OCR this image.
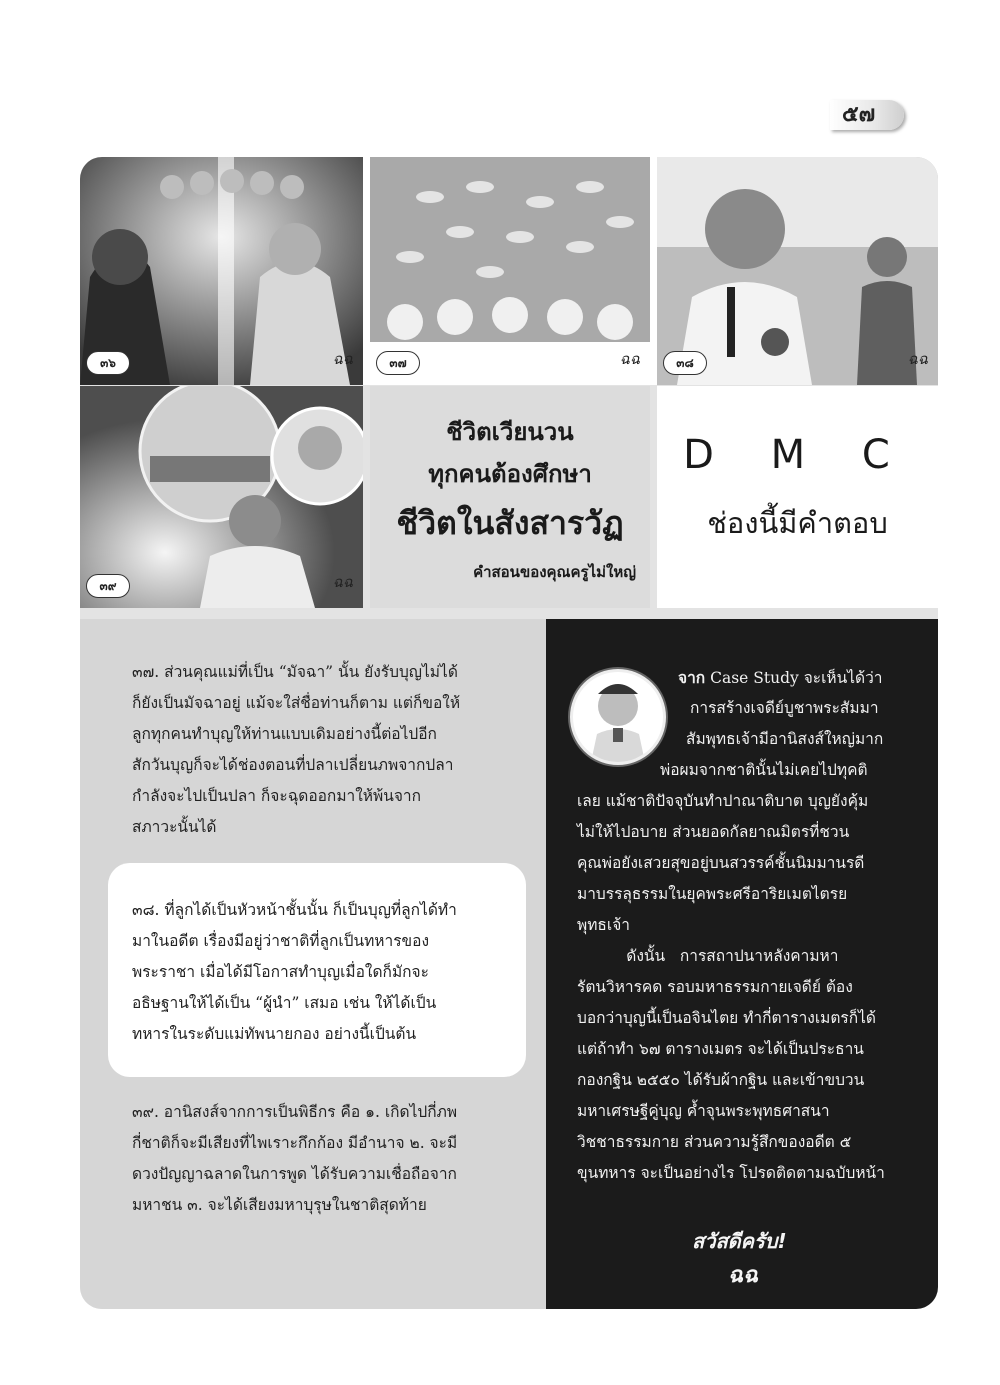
๕๗
๓๖	ฉฉ	๓๗	ฉฉ	๓๘	ฉฉ
๓๙	ฉฉ
ชีวิตเวียนวน
ทุกคนต้องศึกษา
ชีวิตในสังสารวัฏ
คำสอนของคุณครูไม่ใหญ่
D M C
ช่องนี้มีคำตอบ
๓๗. ส่วนคุณแม่ที่เป็น “มัจฉา” นั้น ยังรับบุญไม่ได้
ก็ยังเป็นมัจฉาอยู่ แม้จะใส่ชื่อท่านก็ตาม แต่ก็ขอให้
ลูกทุกคนทำบุญให้ท่านแบบเดิมอย่างนี้ต่อไปอีก
สักวันบุญก็จะได้ช่องตอนที่ปลาเปลี่ยนภพจากปลา
กำลังจะไปเป็นปลา ก็จะฉุดออกมาให้พ้นจาก
สภาวะนั้นได้
๓๘. ที่ลูกได้เป็นหัวหน้าชั้นนั้น ก็เป็นบุญที่ลูกได้ทำ
มาในอดีต เรื่องมีอยู่ว่าชาติที่ลูกเป็นทหารของ
พระราชา เมื่อได้มีโอกาสทำบุญเมื่อใดก็มักจะ
อธิษฐานให้ได้เป็น “ผู้นำ” เสมอ เช่น ให้ได้เป็น
ทหารในระดับแม่ทัพนายกอง อย่างนี้เป็นต้น
๓๙. อานิสงส์จากการเป็นพิธีกร คือ ๑. เกิดไปกี่ภพ
กี่ชาติก็จะมีเสียงที่ไพเราะกึกก้อง มีอำนาจ ๒. จะมี
ดวงปัญญาฉลาดในการพูด ได้รับความเชื่อถือจาก
มหาชน ๓. จะได้เสียงมหาบุรุษในชาติสุดท้าย
จาก Case Study จะเห็นได้ว่า
การสร้างเจดีย์บูชาพระสัมมา
สัมพุทธเจ้ามีอานิสงส์ใหญ่มาก
พ่อผมจากชาตินั้นไม่เคยไปทุคติ
เลย แม้ชาติปัจจุบันทำปาณาติบาต บุญยังคุ้ม
ไม่ให้ไปอบาย ส่วนยอดกัลยาณมิตรที่ชวน
คุณพ่อยังเสวยสุขอยู่บนสวรรค์ชั้นนิมมานรดี
มาบรรลุธรรมในยุคพระศรีอาริยเมตไตรย
พุทธเจ้า
ดังนั้น   การสถาปนาหลังคามหา
รัตนวิหารคด รอบมหาธรรมกายเจดีย์ ต้อง
บอกว่าบุญนี้เป็นอจินไตย ทำกี่ตารางเมตรก็ได้
แต่ถ้าทำ ๖๗ ตารางเมตร จะได้เป็นประธาน
กองกฐิน ๒๕๕๐ ได้รับผ้ากฐิน และเข้าขบวน
มหาเศรษฐีคู่บุญ ค้ำจุนพระพุทธศาสนา
วิชชาธรรมกาย ส่วนความรู้สึกของอดีต ๕
ขุนทหาร จะเป็นอย่างไร โปรดติดตามฉบับหน้า
สวัสดีครับ!
ฉฉ
